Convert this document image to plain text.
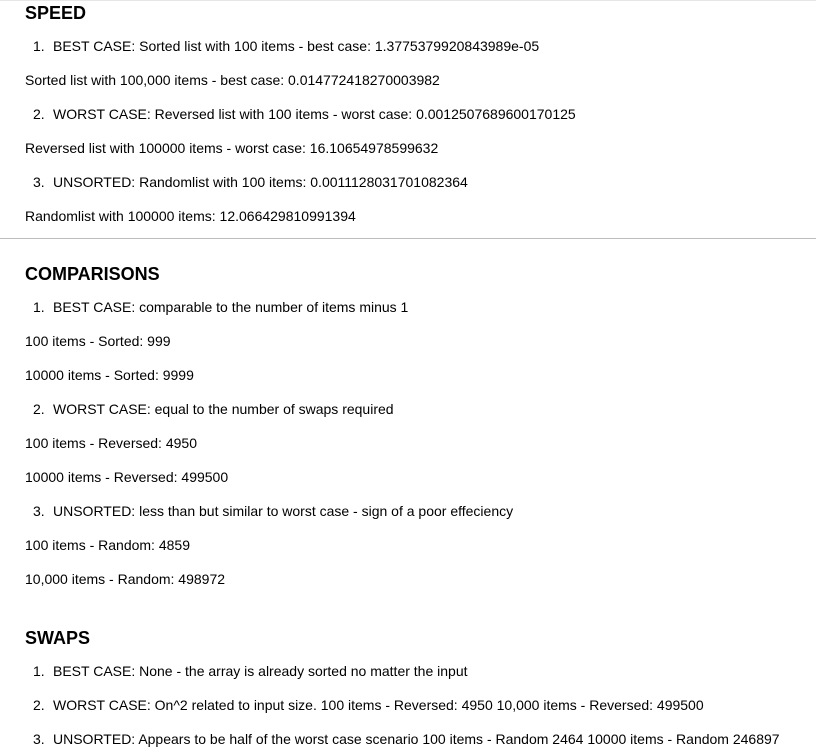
SPEED
1. BEST CASE: Sorted list with 100 items - best case: 1.3775379920843989e-05
Sorted list with 100,000 items - best case: 0.014772418270003982
2. WORST CASE: Reversed list with 100 items - worst case: 0.0012507689600170125
Reversed list with 100000 items - worst case: 16.10654978599632
3. UNSORTED: Randomlist with 100 items: 0.0011128031701082364
Randomlist with 100000 items: 12.066429810991394
COMPARISONS
1. BEST CASE: comparable to the number of items minus 1
100 items - Sorted: 999
10000 items - Sorted: 9999
2. WORST CASE: equal to the number of swaps required
100 items - Reversed: 4950
10000 items - Reversed: 499500
3. UNSORTED: less than but similar to worst case - sign of a poor effeciency
100 items - Random: 4859
10,000 items - Random: 498972
SWAPS
1. BEST CASE: None - the array is already sorted no matter the input
2. WORST CASE: On^2 related to input size. 100 items - Reversed: 4950 10,000 items - Reversed: 499500
3. UNSORTED: Appears to be half of the worst case scenario 100 items - Random 2464 10000 items - Random 246897
